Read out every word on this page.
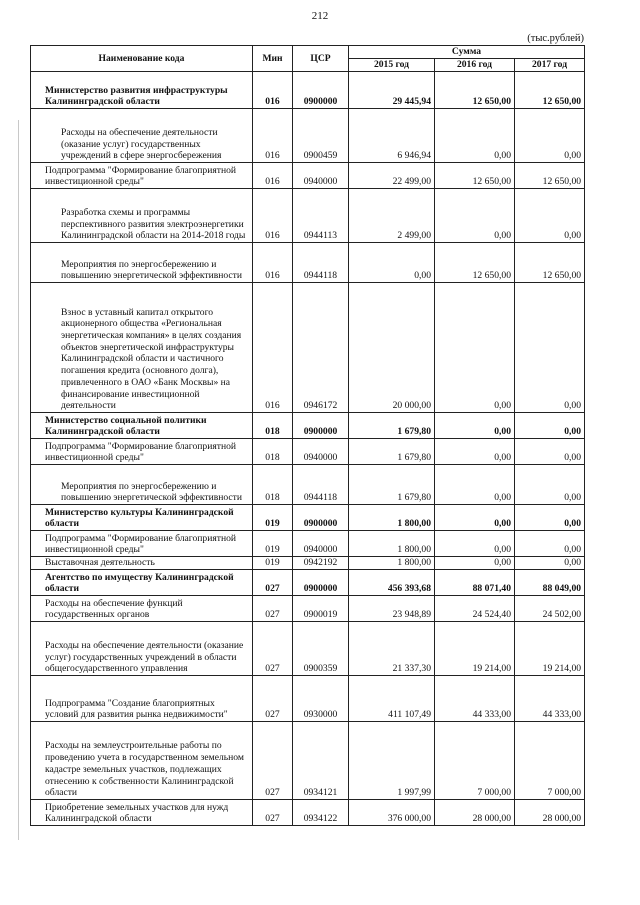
212
(тыс.рублей)
Наименование кода	Мин	ЦСР	Сумма		
			2015 год	2016 год	2017 год
Министерство развития инфраструктуры Калининградской области	016	0900000	29 445,94	12 650,00	12 650,00
Расходы на обеспечение деятельности (оказание услуг) государственных учреждений в сфере энергосбережения	016	0900459	6 946,94	0,00	0,00
Подпрограмма "Формирование благоприятной инвестиционной среды"	016	0940000	22 499,00	12 650,00	12 650,00
Разработка схемы и программы перспективного развития электроэнергетики Калининградской области на 2014-2018 годы	016	0944113	2 499,00	0,00	0,00
Мероприятия по энергосбережению и повышению энергетической эффективности	016	0944118	0,00	12 650,00	12 650,00
Взнос в уставный капитал открытого акционерного общества «Региональная энергетическая компания» в целях создания объектов энергетической инфраструктуры Калининградской области и частичного погашения кредита (основного долга), привлеченного в ОАО «Банк Москвы» на финансирование инвестиционной деятельности	016	0946172	20 000,00	0,00	0,00
Министерство социальной политики Калининградской области	018	0900000	1 679,80	0,00	0,00
Подпрограмма "Формирование благоприятной инвестиционной среды"	018	0940000	1 679,80	0,00	0,00
Мероприятия по энергосбережению и повышению энергетической эффективности	018	0944118	1 679,80	0,00	0,00
Министерство культуры Калининградской области	019	0900000	1 800,00	0,00	0,00
Подпрограмма "Формирование благоприятной инвестиционной среды"	019	0940000	1 800,00	0,00	0,00
Выставочная деятельность	019	0942192	1 800,00	0,00	0,00
Агентство по имуществу Калининградской области	027	0900000	456 393,68	88 071,40	88 049,00
Расходы на обеспечение функций государственных органов	027	0900019	23 948,89	24 524,40	24 502,00
Расходы на обеспечение деятельности (оказание услуг) государственных учреждений в области общегосударственного управления	027	0900359	21 337,30	19 214,00	19 214,00
Подпрограмма "Создание благоприятных условий для развития рынка недвижимости"	027	0930000	411 107,49	44 333,00	44 333,00
Расходы на землеустроительные работы по проведению учета в государственном земельном кадастре земельных участков, подлежащих отнесению к собственности Калининградской области	027	0934121	1 997,99	7 000,00	7 000,00
Приобретение земельных участков для нужд Калининградской области	027	0934122	376 000,00	28 000,00	28 000,00
